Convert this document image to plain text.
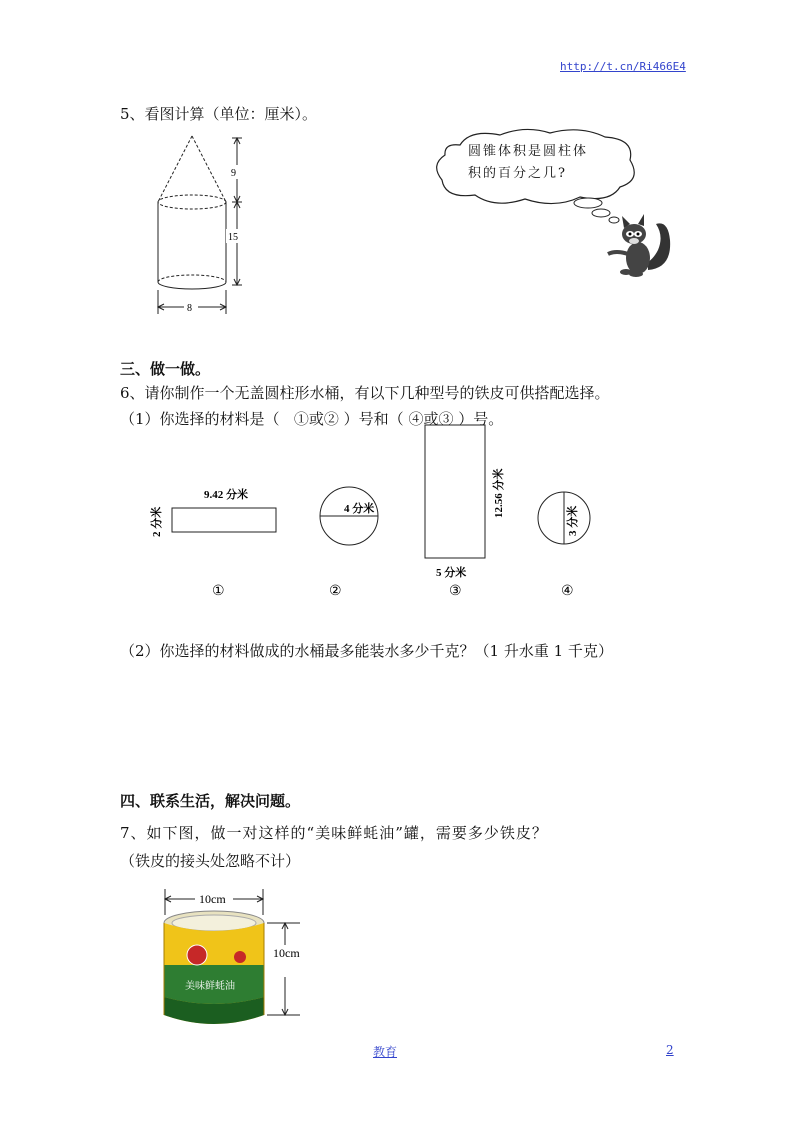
http://t.cn/Ri466E4
5、看图计算（单位：厘米）。
9
15
8
圆锥体积是圆柱体
积的百分之几?
三、做一做。
6、请你制作一个无盖圆柱形水桶，有以下几种型号的铁皮可供搭配选择。
（1）你选择的材料是（ ①或② ）号和（ ④或③ ）号。
9.42 分米
2 分米	4 分米	12.56 分米
5 分米
3 分米
①	②	③	④
（2）你选择的材料做成的水桶最多能装水多少千克？（1 升水重 1 千克）
四、联系生活，解决问题。
7、如下图，做一对这样的“美味鲜蚝油”罐，需要多少铁皮？
（铁皮的接头处忽略不计）
10cm
美味鲜蚝油
10cm
教育	2
